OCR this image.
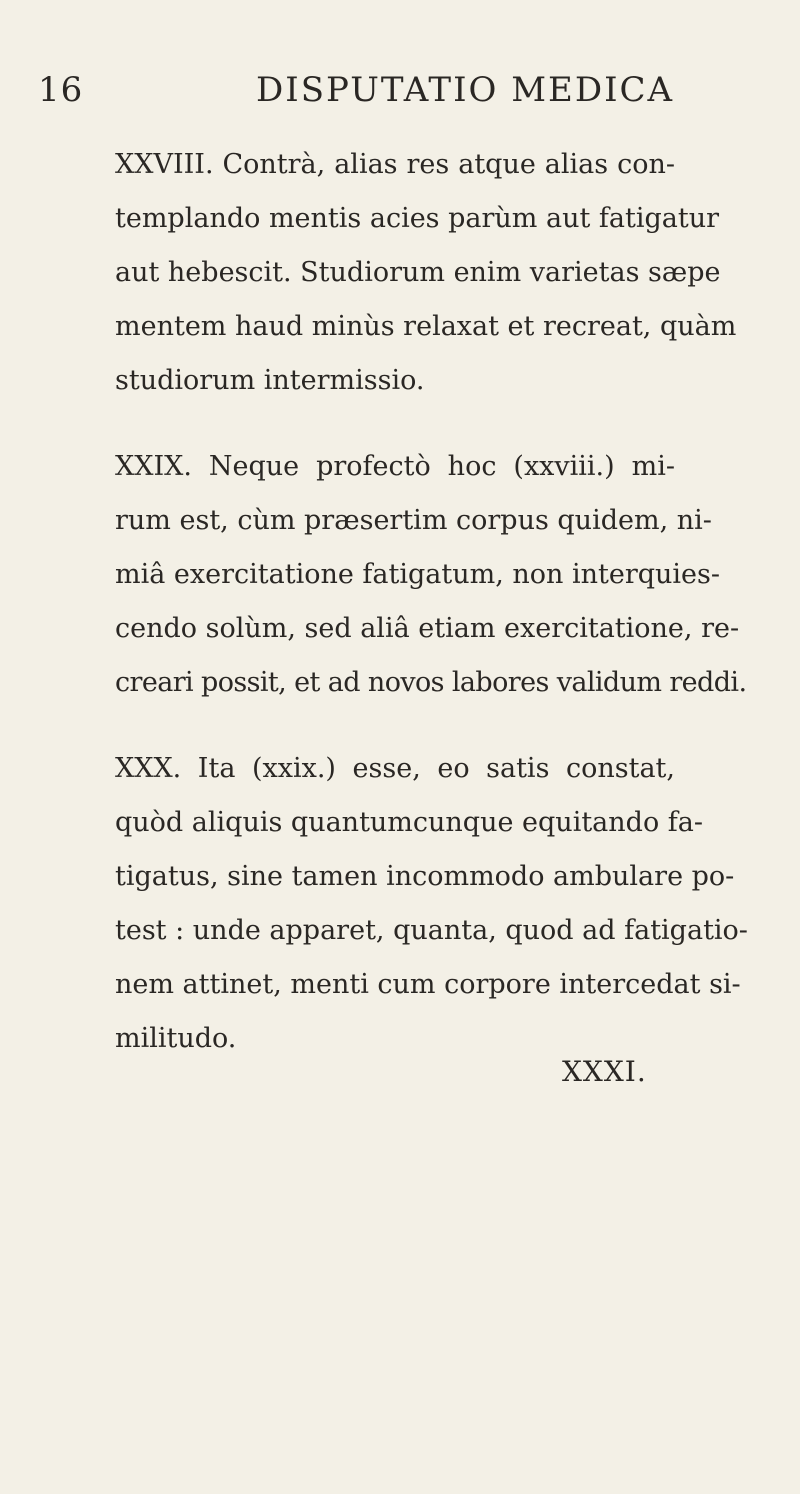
16	DISPUTATIO MEDICA
XXVIII. Contrà, alias res atque alias con-
templando mentis acies parùm aut fatigatur
aut hebescit. Studiorum enim varietas sæpe
mentem haud minùs relaxat et recreat, quàm
studiorum intermissio.
XXIX. Neque profectò hoc (xxviii.) mi-
rum est, cùm præsertim corpus quidem, ni-
miâ exercitatione fatigatum, non interquies-
cendo solùm, sed aliâ etiam exercitatione, re-
creari possit, et ad novos labores validum reddi.
XXX. Ita (xxix.) esse, eo satis constat,
quòd aliquis quantumcunque equitando fa-
tigatus, sine tamen incommodo ambulare po-
test : unde apparet, quanta, quod ad fatigatio-
nem attinet, menti cum corpore intercedat si-
militudo.
XXXI.
